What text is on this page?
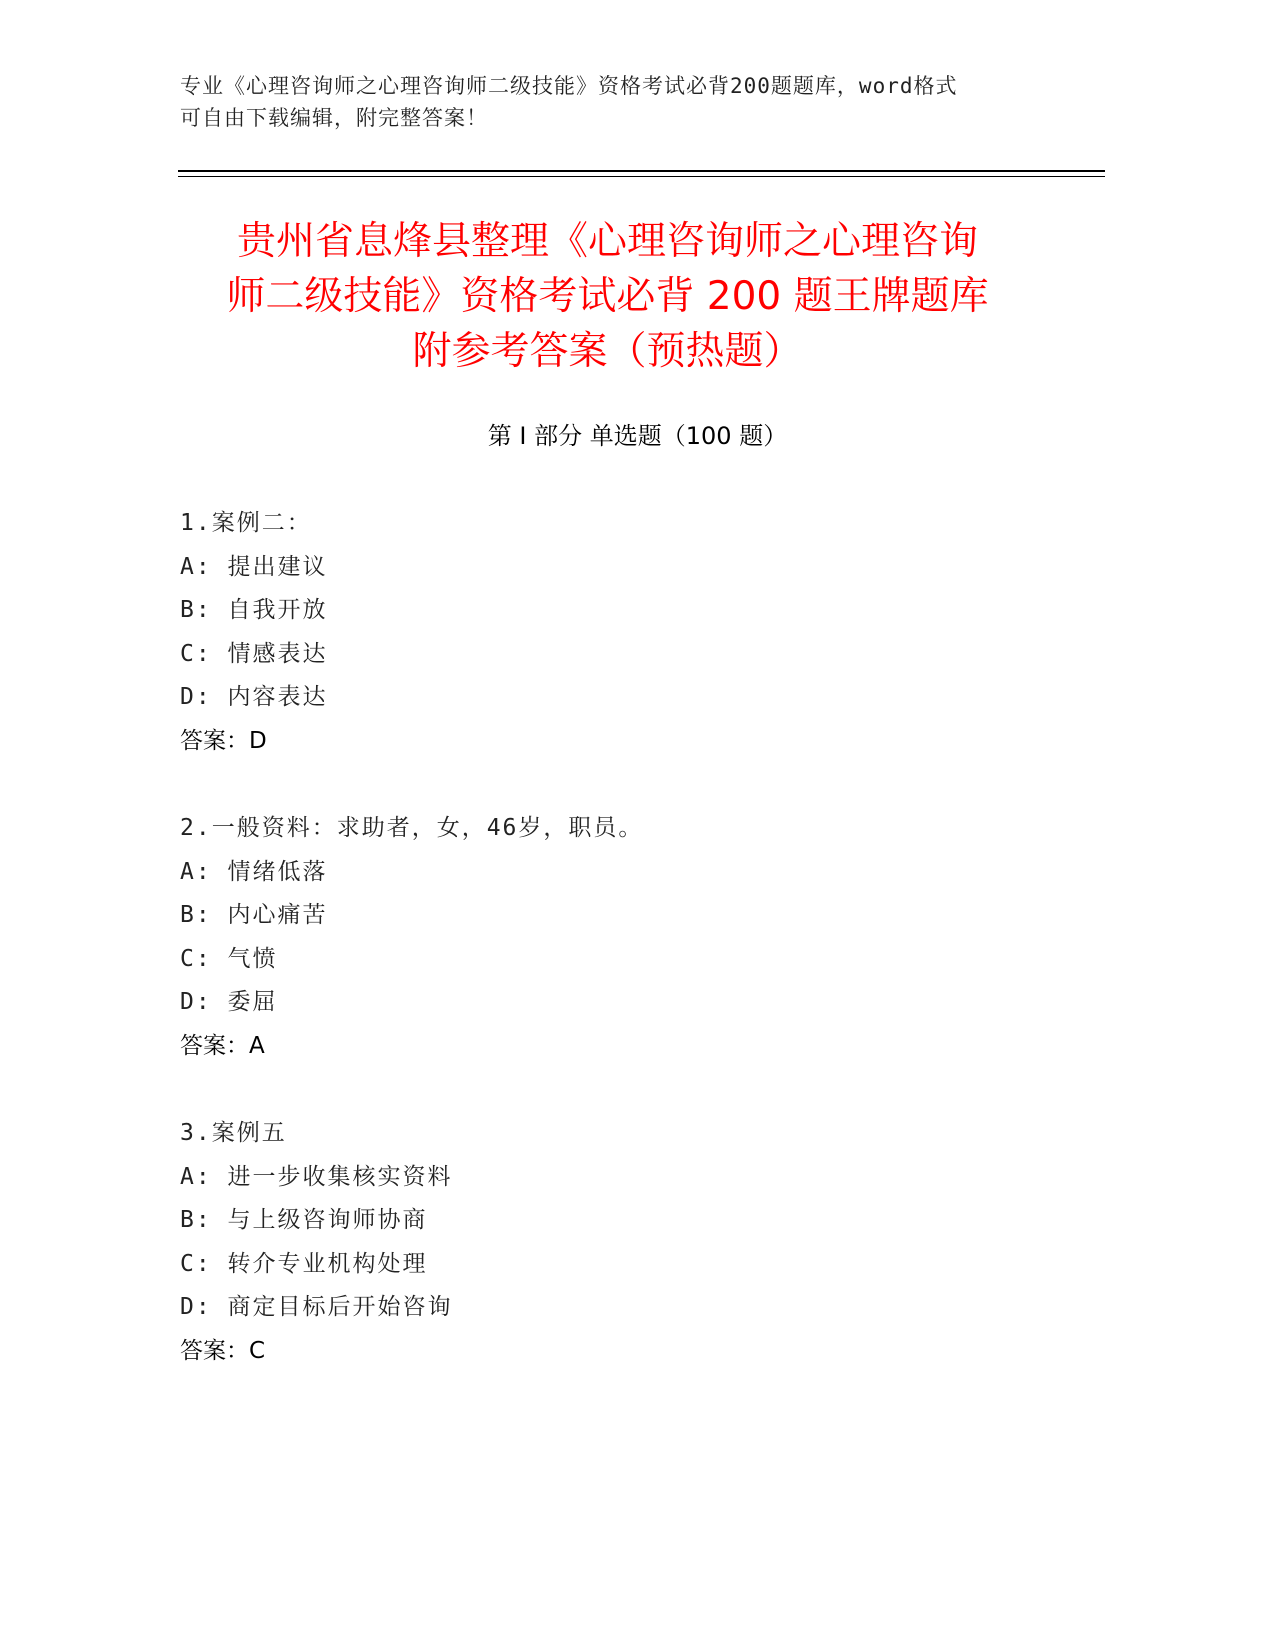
专业《心理咨询师之心理咨询师二级技能》资格考试必背200题题库，word格式
可自由下载编辑，附完整答案！
贵州省息烽县整理《心理咨询师之心理咨询
师二级技能》资格考试必背 200 题王牌题库
附参考答案（预热题）
第 I 部分 单选题（100 题）
1.案例二：
A: 提出建议
B: 自我开放
C: 情感表达
D: 内容表达
答案：D
2.一般资料：求助者，女，46岁，职员。
A: 情绪低落
B: 内心痛苦
C: 气愤
D: 委屈
答案：A
3.案例五
A: 进一步收集核实资料
B: 与上级咨询师协商
C: 转介专业机构处理
D: 商定目标后开始咨询
答案：C
